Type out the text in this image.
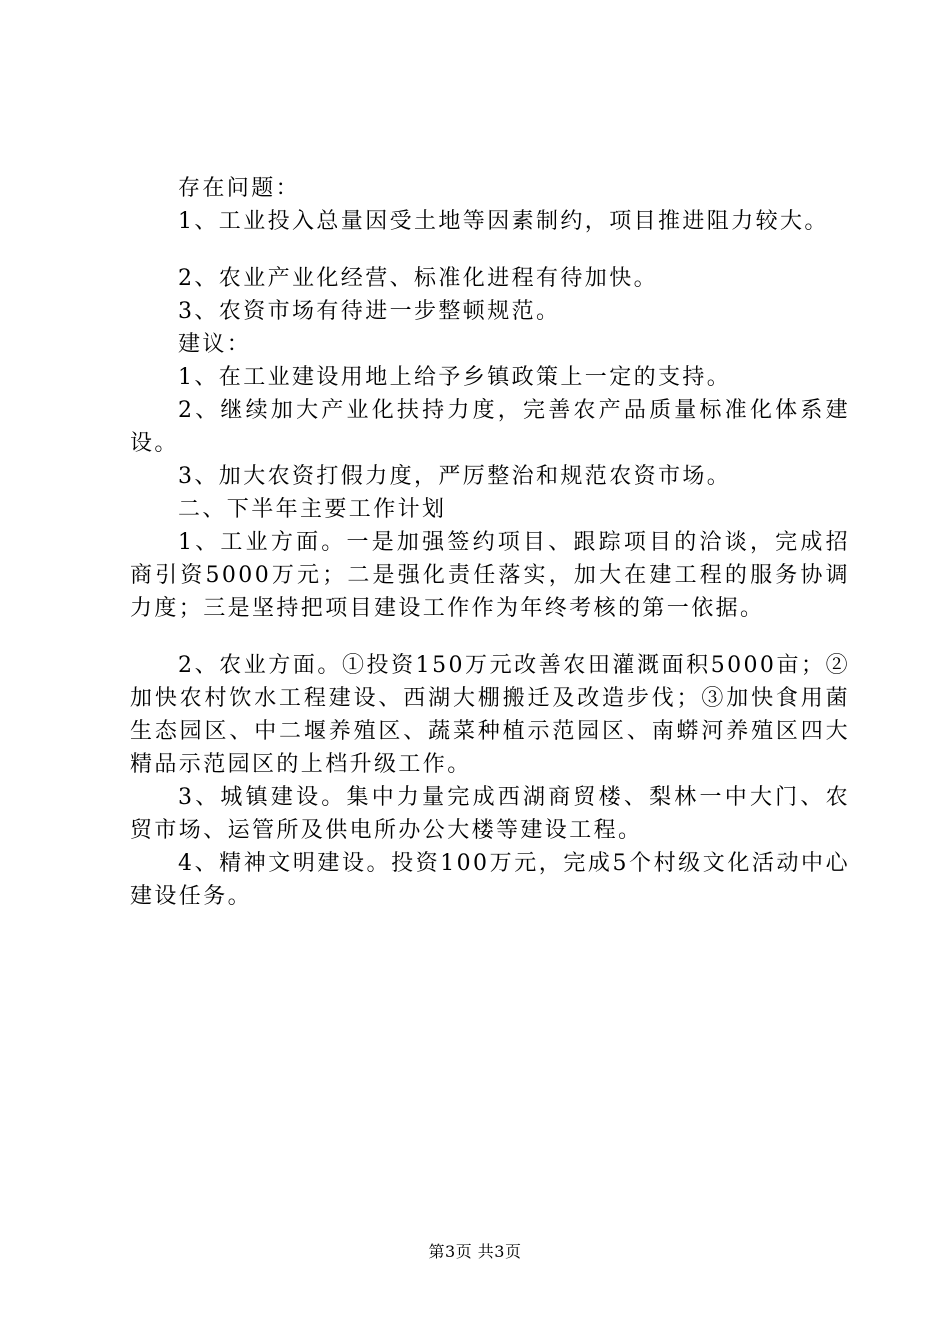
存在问题：

1、工业投入总量因受土地等因素制约，项目推进阻力较大。

2、农业产业化经营、标准化进程有待加快。

3、农资市场有待进一步整顿规范。

建议：

1、在工业建设用地上给予乡镇政策上一定的支持。

2、继续加大产业化扶持力度，完善农产品质量标准化体系建设。

3、加大农资打假力度，严厉整治和规范农资市场。

二、下半年主要工作计划

1、工业方面。一是加强签约项目、跟踪项目的洽谈，完成招商引资5000万元；二是强化责任落实，加大在建工程的服务协调力度；三是坚持把项目建设工作作为年终考核的第一依据。

2、农业方面。①投资150万元改善农田灌溉面积5000亩；②加快农村饮水工程建设、西湖大棚搬迁及改造步伐；③加快食用菌生态园区、中二堰养殖区、蔬菜种植示范园区、南蟒河养殖区四大精品示范园区的上档升级工作。

3、城镇建设。集中力量完成西湖商贸楼、梨林一中大门、农贸市场、运管所及供电所办公大楼等建设工程。

4、精神文明建设。投资100万元，完成5个村级文化活动中心建设任务。

第3页 共3页
